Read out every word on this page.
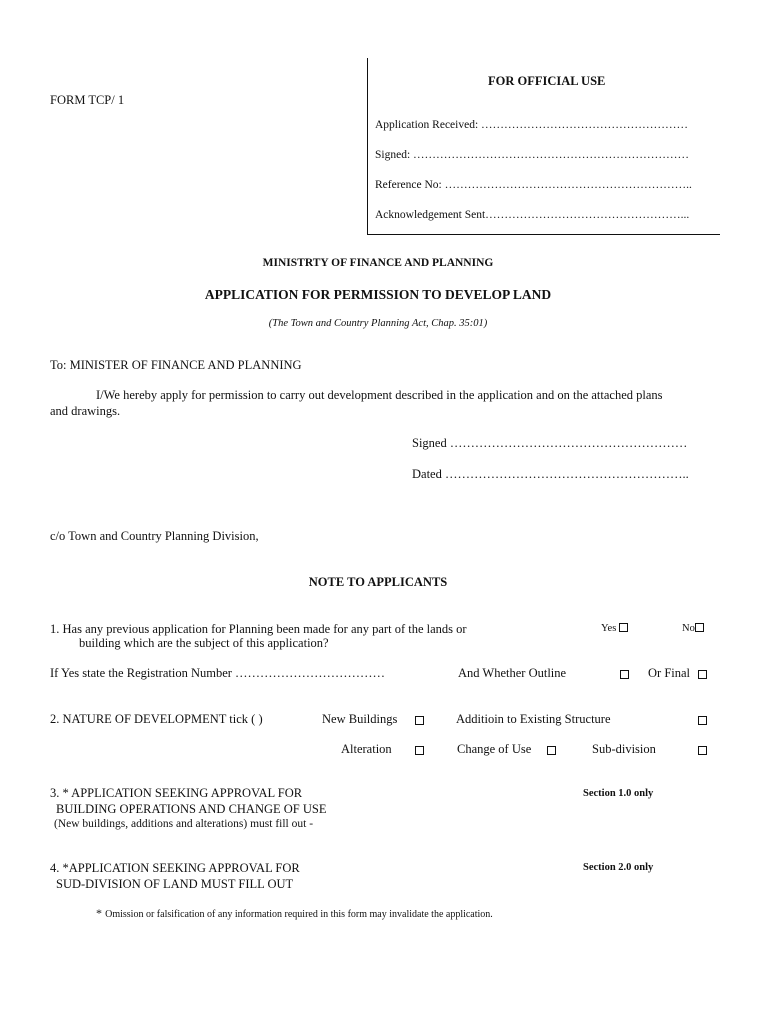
FORM TCP/ 1
FOR OFFICIAL USE
Application Received: ………………………………………………
Signed: ………………………………………………………………
Reference No: ………………………………………………………..
Acknowledgement Sent……………………………………………...
MINISTRTY OF FINANCE AND PLANNING
APPLICATION FOR PERMISSION TO DEVELOP LAND
(The Town and Country Planning Act, Chap. 35:01)
To: MINISTER OF FINANCE AND PLANNING
I/We hereby apply for permission to carry out development described in the application and on the attached plans
and drawings.
Signed …………………………………………………
Dated …………………………………………………..
c/o Town and Country Planning Division,
NOTE TO APPLICANTS
1. Has any previous application for Planning been made for any part of the lands or
building which are the subject of this application?
Yes	No
If Yes state the Registration Number ………………………………	And Whether Outline	Or Final
2. NATURE OF DEVELOPMENT tick ( )	New Buildings	Additioin to Existing Structure
Alteration	Change of Use	Sub-division
3. * APPLICATION SEEKING APPROVAL FOR
BUILDING OPERATIONS AND CHANGE OF USE
(New buildings, additions and alterations) must fill out -
Section 1.0 only
4. *APPLICATION SEEKING APPROVAL FOR
SUD-DIVISION OF LAND MUST FILL OUT
Section 2.0 only
* Omission or falsification of any information required in this form may invalidate the application.
